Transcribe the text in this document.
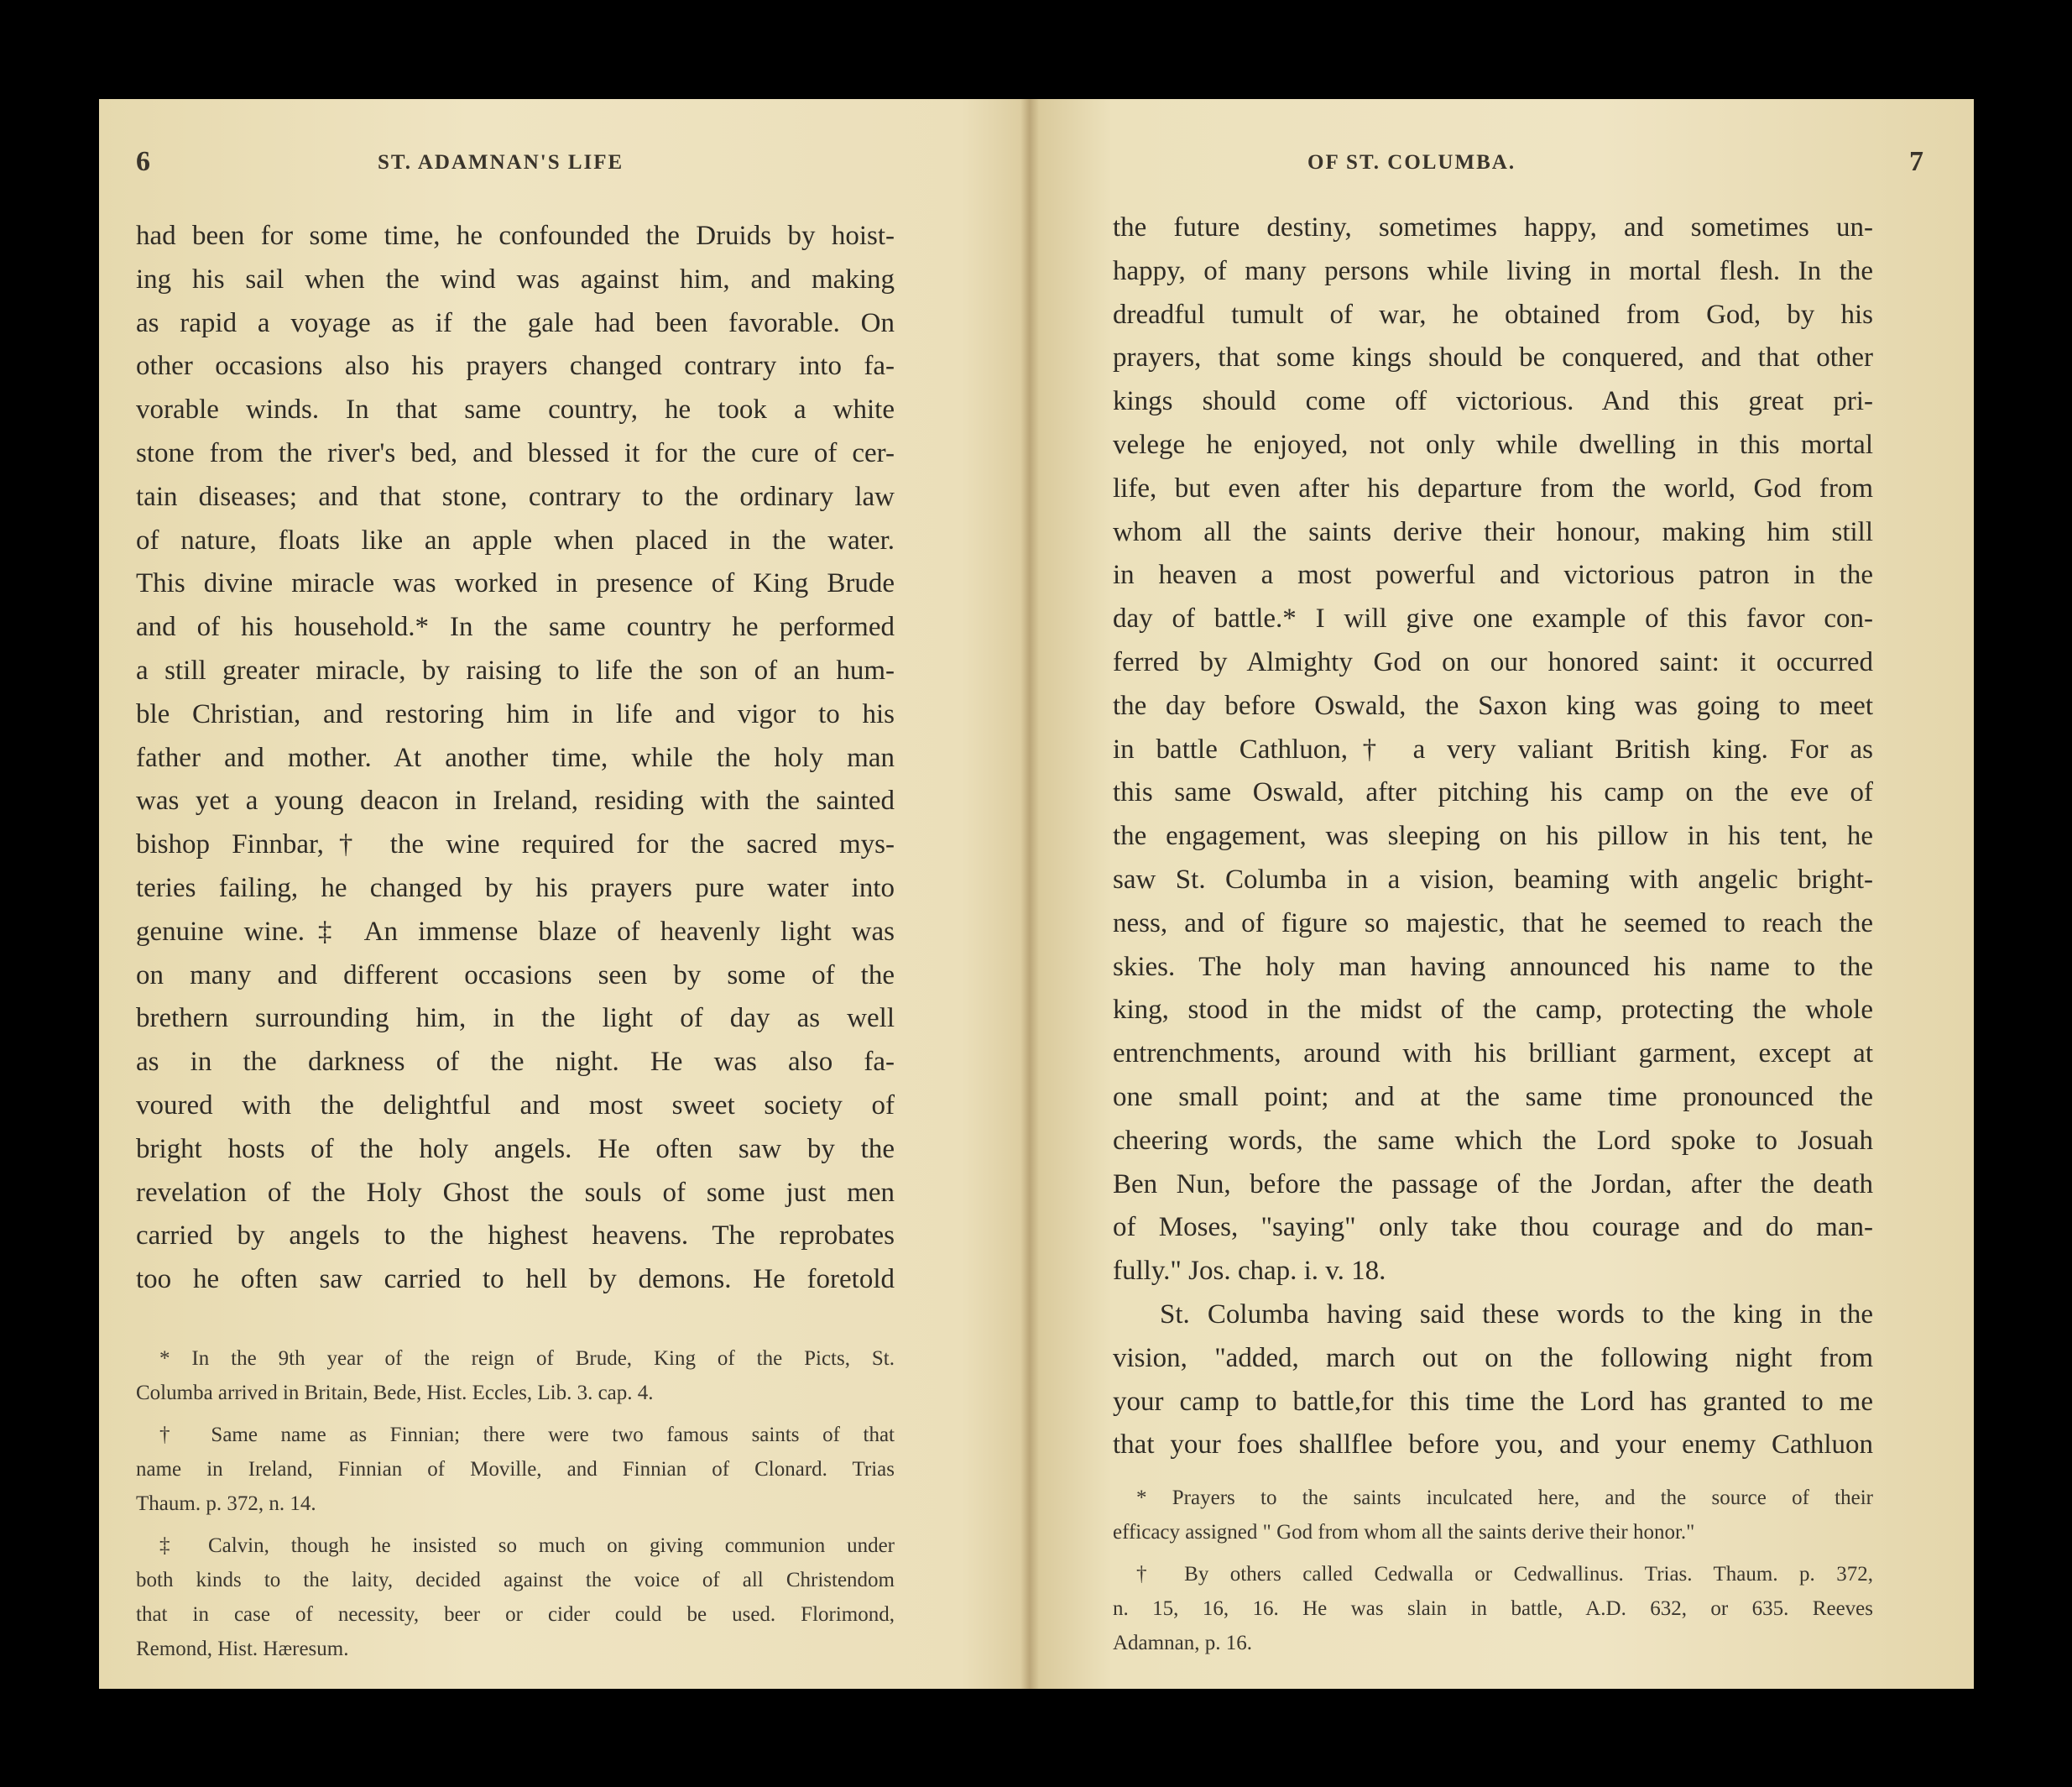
6	ST. ADAMNAN'S LIFE
had been for some time, he confounded the Druids by hoist-
ing his sail when the wind was against him, and making
as rapid a voyage as if the gale had been favorable. On
other occasions also his prayers changed contrary into fa-
vorable winds. In that same country, he took a white
stone from the river's bed, and blessed it for the cure of cer-
tain diseases; and that stone, contrary to the ordinary law
of nature, floats like an apple when placed in the water.
This divine miracle was worked in presence of King Brude
and of his household.* In the same country he performed
a still greater miracle, by raising to life the son of an hum-
ble Christian, and restoring him in life and vigor to his
father and mother. At another time, while the holy man
was yet a young deacon in Ireland, residing with the sainted
bishop Finnbar,† the wine required for the sacred mys-
teries failing, he changed by his prayers pure water into
genuine wine.‡ An immense blaze of heavenly light was
on many and different occasions seen by some of the
brethern surrounding him, in the light of day as well
as in the darkness of the night. He was also fa-
voured with the delightful and most sweet society of
bright hosts of the holy angels. He often saw by the
revelation of the Holy Ghost the souls of some just men
carried by angels to the highest heavens. The reprobates
too he often saw carried to hell by demons. He foretold
* In the 9th year of the reign of Brude, King of the Picts, St.
Columba arrived in Britain, Bede, Hist. Eccles, Lib. 3. cap. 4.
† Same name as Finnian; there were two famous saints of that
name in Ireland, Finnian of Moville, and Finnian of Clonard. Trias
Thaum. p. 372, n. 14.
‡ Calvin, though he insisted so much on giving communion under
both kinds to the laity, decided against the voice of all Christendom
that in case of necessity, beer or cider could be used. Florimond,
Remond, Hist. Hæresum.
OF ST. COLUMBA.	7
the future destiny, sometimes happy, and sometimes un-
happy, of many persons while living in mortal flesh. In the
dreadful tumult of war, he obtained from God, by his
prayers, that some kings should be conquered, and that other
kings should come off victorious. And this great pri-
velege he enjoyed, not only while dwelling in this mortal
life, but even after his departure from the world, God from
whom all the saints derive their honour, making him still
in heaven a most powerful and victorious patron in the
day of battle.* I will give one example of this favor con-
ferred by Almighty God on our honored saint: it occurred
the day before Oswald, the Saxon king was going to meet
in battle Cathluon,† a very valiant British king. For as
this same Oswald, after pitching his camp on the eve of
the engagement, was sleeping on his pillow in his tent, he
saw St. Columba in a vision, beaming with angelic bright-
ness, and of figure so majestic, that he seemed to reach the
skies. The holy man having announced his name to the
king, stood in the midst of the camp, protecting the whole
entrenchments, around with his brilliant garment, except at
one small point; and at the same time pronounced the
cheering words, the same which the Lord spoke to Josuah
Ben Nun, before the passage of the Jordan, after the death
of Moses, "saying" only take thou courage and do man-
fully." Jos. chap. i. v. 18.
St. Columba having said these words to the king in the
vision, "added, march out on the following night from
your camp to battle,for this time the Lord has granted to me
that your foes shallflee before you, and your enemy Cathluon
* Prayers to the saints inculcated here, and the source of their
efficacy assigned " God from whom all the saints derive their honor."
† By others called Cedwalla or Cedwallinus. Trias. Thaum. p. 372,
n. 15, 16, 16. He was slain in battle, A.D. 632, or 635. Reeves
Adamnan, p. 16.
